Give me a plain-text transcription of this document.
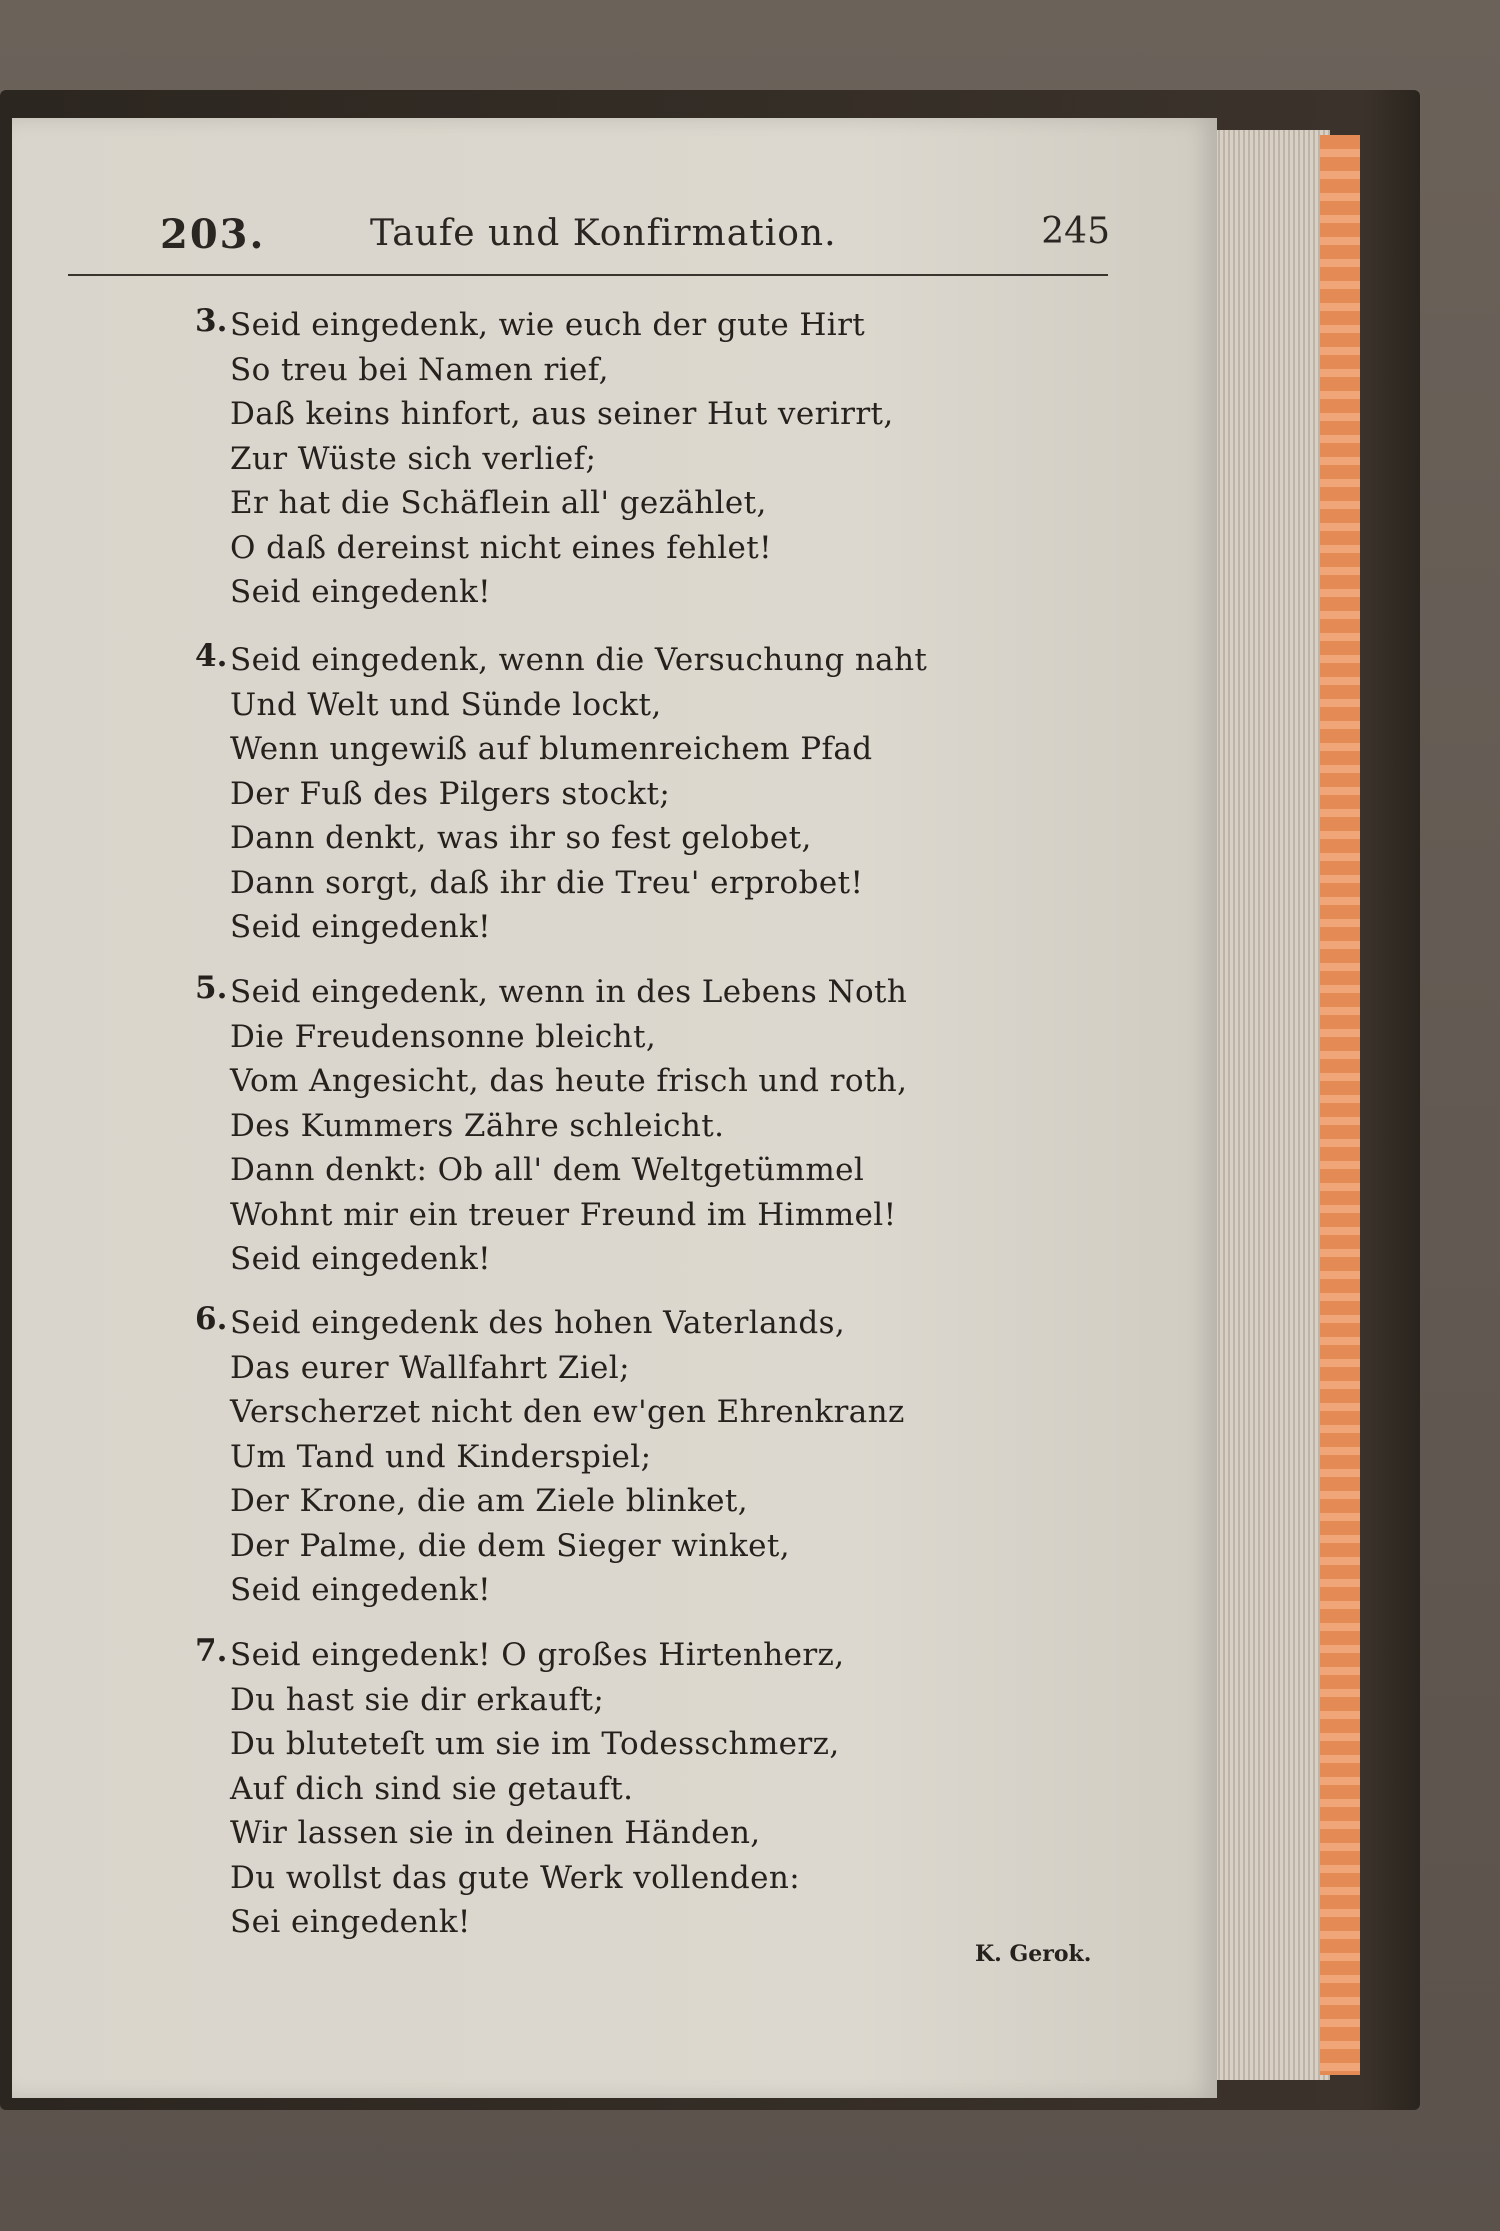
203.	Taufe und Konfirmation.	245
3. Seid eingedenk, wie euch der gute Hirt
So treu bei Namen rief,
Daß keins hinfort, aus seiner Hut verirrt,
Zur Wüste sich verlief;
Er hat die Schäflein all' gezählet,
O daß dereinst nicht eines fehlet!
Seid eingedenk!
4. Seid eingedenk, wenn die Versuchung naht
Und Welt und Sünde lockt,
Wenn ungewiß auf blumenreichem Pfad
Der Fuß des Pilgers stockt;
Dann denkt, was ihr so fest gelobet,
Dann sorgt, daß ihr die Treu' erprobet!
Seid eingedenk!
5. Seid eingedenk, wenn in des Lebens Noth
Die Freudensonne bleicht,
Vom Angesicht, das heute frisch und roth,
Des Kummers Zähre schleicht.
Dann denkt: Ob all' dem Weltgetümmel
Wohnt mir ein treuer Freund im Himmel!
Seid eingedenk!
6. Seid eingedenk des hohen Vaterlands,
Das eurer Wallfahrt Ziel;
Verscherzet nicht den ew'gen Ehrenkranz
Um Tand und Kinderspiel;
Der Krone, die am Ziele blinket,
Der Palme, die dem Sieger winket,
Seid eingedenk!
7. Seid eingedenk! O großes Hirtenherz,
Du hast sie dir erkauft;
Du bluteteſt um sie im Todesschmerz,
Auf dich sind sie getauft.
Wir lassen sie in deinen Händen,
Du wollst das gute Werk vollenden:
Sei eingedenk!
K. Gerok.
